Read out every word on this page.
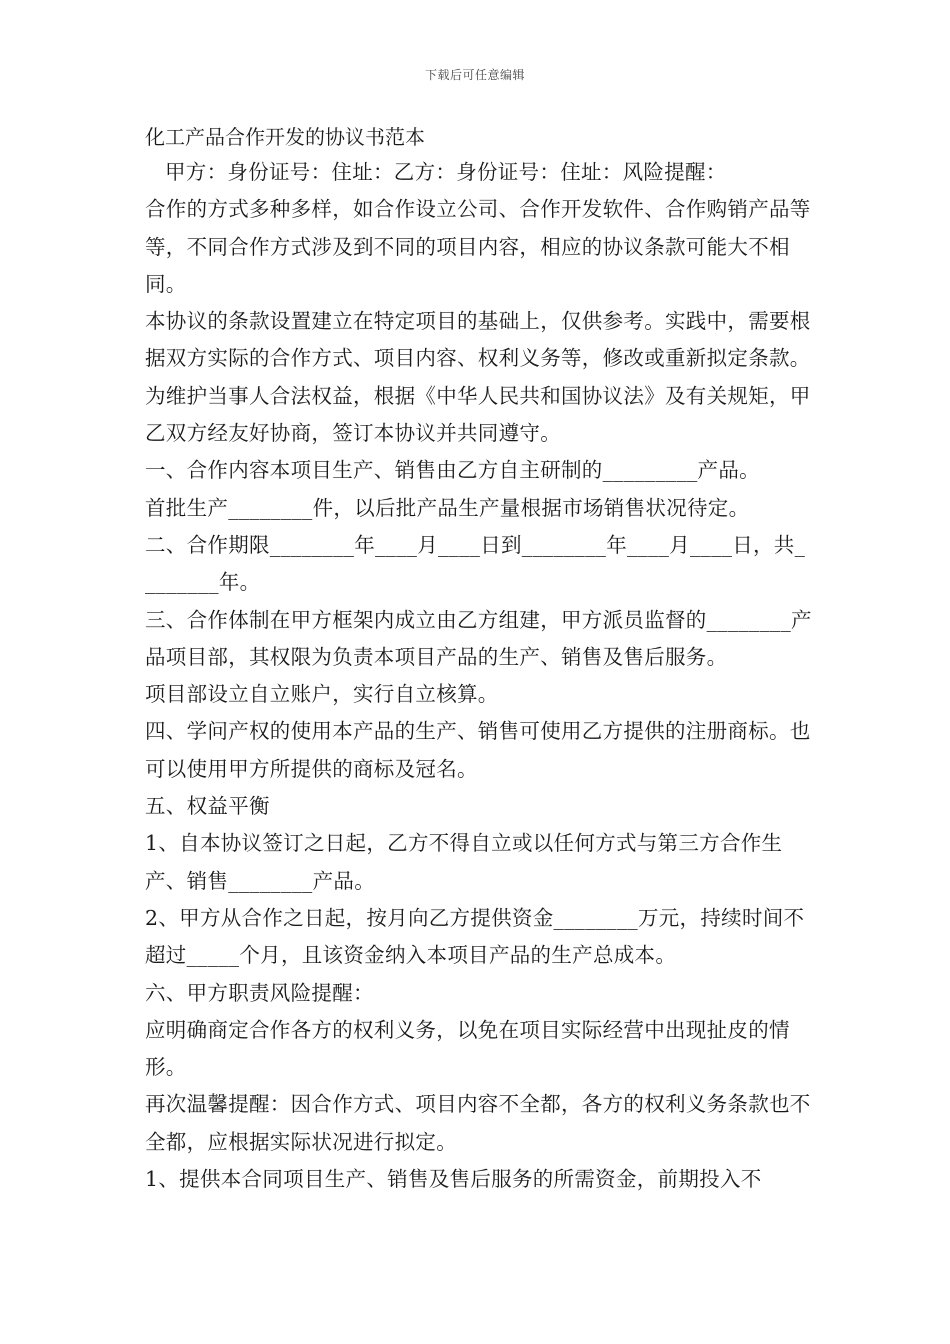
下载后可任意编辑
化工产品合作开发的协议书范本

甲方：身份证号：住址：乙方：身份证号：住址：风险提醒：

合作的方式多种多样，如合作设立公司、合作开发软件、合作购销产品等等，不同合作方式涉及到不同的项目内容，相应的协议条款可能大不相同。

本协议的条款设置建立在特定项目的基础上，仅供参考。实践中，需要根据双方实际的合作方式、项目内容、权利义务等，修改或重新拟定条款。 为维护当事人合法权益，根据《中华人民共和国协议法》及有关规矩，甲乙双方经友好协商，签订本协议并共同遵守。

一、合作内容本项目生产、销售由乙方自主研制的_________产品。

首批生产________件，以后批产品生产量根据市场销售状况待定。

二、合作期限________年____月____日到________年____月____日，共________年。

三、合作体制在甲方框架内成立由乙方组建，甲方派员监督的________产品项目部，其权限为负责本项目产品的生产、销售及售后服务。

项目部设立自立账户，实行自立核算。

四、学问产权的使用本产品的生产、销售可使用乙方提供的注册商标。也可以使用甲方所提供的商标及冠名。

五、权益平衡

1、自本协议签订之日起，乙方不得自立或以任何方式与第三方合作生产、销售________产品。

2、甲方从合作之日起，按月向乙方提供资金________万元，持续时间不超过_____个月，且该资金纳入本项目产品的生产总成本。

六、甲方职责风险提醒：

应明确商定合作各方的权利义务，以免在项目实际经营中出现扯皮的情形。

再次温馨提醒：因合作方式、项目内容不全都，各方的权利义务条款也不全都，应根据实际状况进行拟定。

1、提供本合同项目生产、销售及售后服务的所需资金，前期投入不
